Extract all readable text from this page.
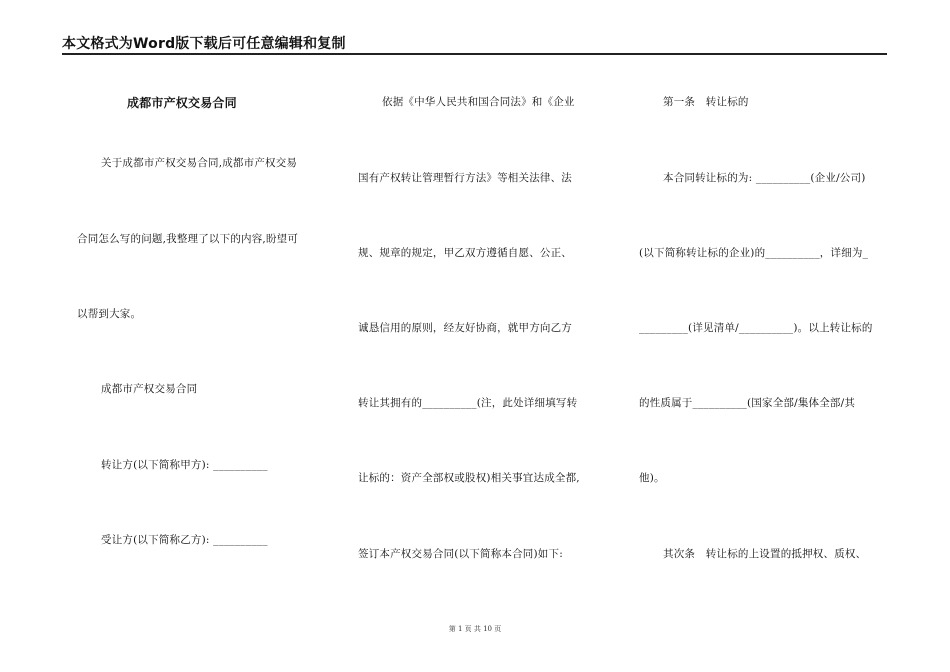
本文格式为Word版下载后可任意编辑和复制
成都市产权交易合同
关于成都市产权交易合同,成都市产权交易
合同怎么写的问题,我整理了以下的内容,盼望可
以帮到大家。
成都市产权交易合同
转让方(以下简称甲方): __________
受让方(以下简称乙方): __________
依据《中华人民共和国合同法》和《企业
国有产权转让管理暂行方法》等相关法律、法
规、规章的规定，甲乙双方遵循自愿、公正、
诚恳信用的原则，经友好协商，就甲方向乙方
转让其拥有的__________(注，此处详细填写转
让标的：资产全部权或股权)相关事宜达成全都,
签订本产权交易合同(以下简称本合同)如下:
第一条　转让标的
本合同转让标的为: __________(企业/公司)
(以下简称转让标的企业)的__________，详细为_
_________(详见清单/__________)。以上转让标的
的性质属于__________(国家全部/集体全部/其
他)。
其次条　转让标的上设置的抵押权、质权、
第 1 页 共 10 页
